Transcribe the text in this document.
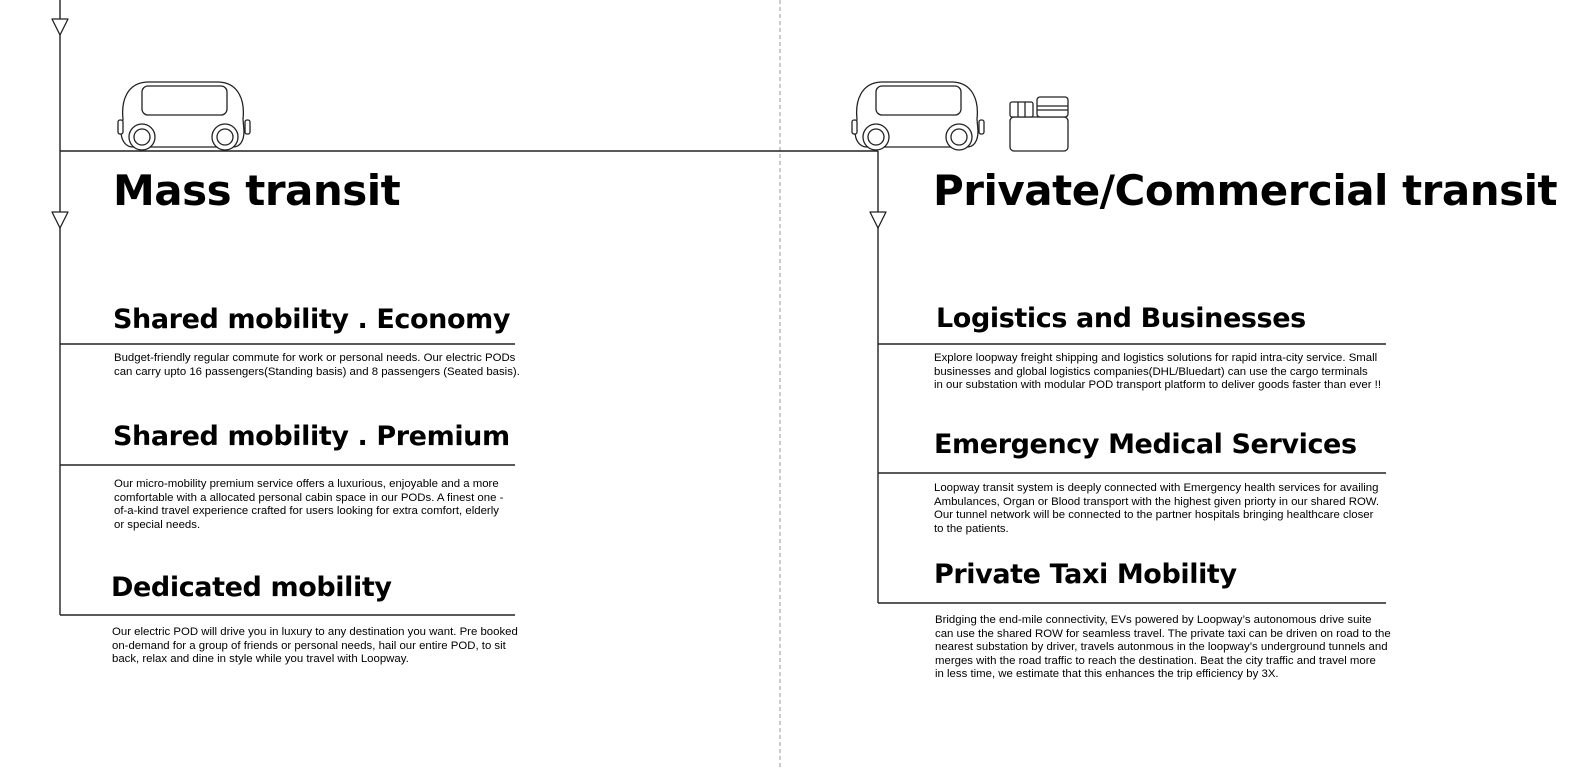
Mass transit
Shared mobility . Economy

Budget-friendly regular commute for work or personal needs. Our electric PODs
can carry upto 16 passengers(Standing basis) and 8 passengers (Seated basis).

Shared mobility . Premium

Our micro-mobility premium service offers a luxurious, enjoyable and a more
comfortable with a allocated personal cabin space in our PODs. A finest one -
of-a-kind travel experience crafted for users looking for extra comfort, elderly
or special needs.

Dedicated mobility

Our electric POD will drive you in luxury to any destination you want. Pre booked
on-demand for a group of friends or personal needs, hail our entire POD, to sit
back, relax and dine in style while you travel with Loopway.

Private/Commercial transit
Logistics and Businesses

Explore loopway freight shipping and logistics solutions for rapid intra-city service. Small
businesses and global logistics companies(DHL/Bluedart) can use the cargo terminals
in our substation with modular POD transport platform to deliver goods faster than ever !!

Emergency Medical Services

Loopway transit system is deeply connected with Emergency health services for availing
Ambulances, Organ or Blood transport with the highest given priorty in our shared ROW.
Our tunnel network will be connected to the partner hospitals bringing healthcare closer
to the patients.

Private Taxi Mobility

Bridging the end-mile connectivity, EVs powered by Loopway’s autonomous drive suite
can use the shared ROW for seamless travel. The private taxi can be driven on road to the
nearest substation by driver, travels autonmous in the loopway’s underground tunnels and
merges with the road traffic to reach the destination. Beat the city traffic and travel more
in less time, we estimate that this enhances the trip efficiency by 3X.
